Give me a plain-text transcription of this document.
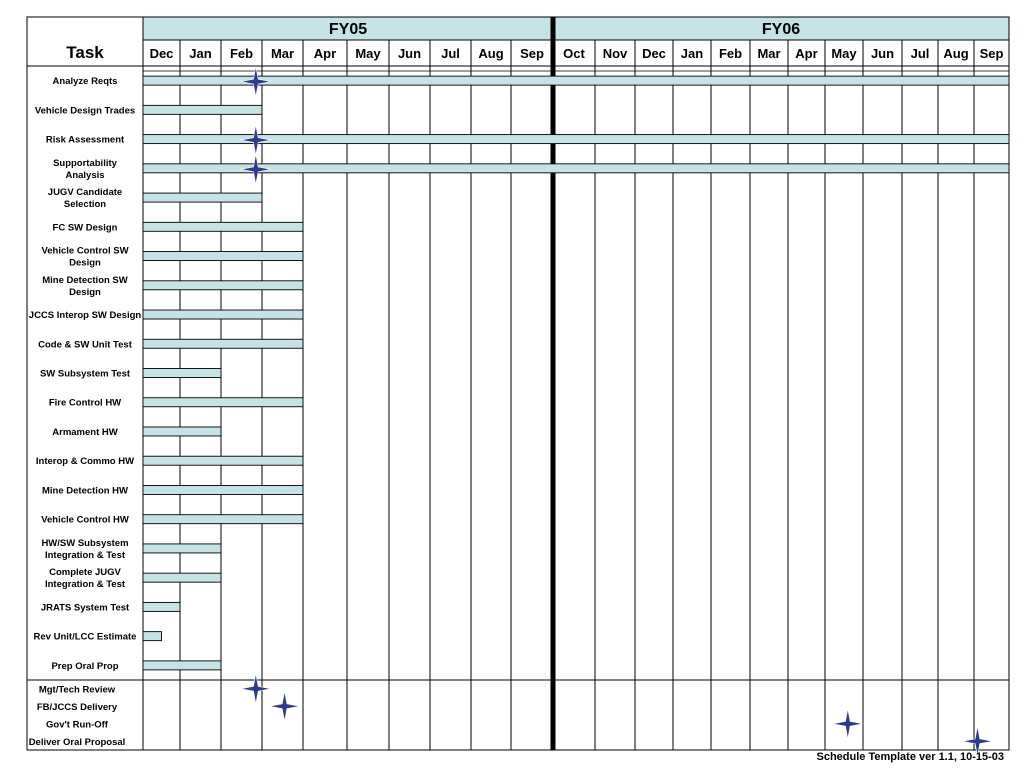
FY05	FY06
Task	Dec Jan Feb Mar Apr May Jun Jul Aug Sep Oct Nov Dec Jan Feb Mar Apr May Jun Jul Aug Sep
Analyze Reqts
Vehicle Design Trades
Risk Assessment
Supportability
Analysis
JUGV Candidate
Selection
FC SW Design
Vehicle Control SW
Design
Mine Detection SW
Design
JCCS Interop SW Design
Code & SW Unit Test
SW Subsystem Test
Fire Control HW
Armament HW
Interop & Commo HW
Mine Detection HW
Vehicle Control HW
HW/SW Subsystem
Integration & Test
Complete JUGV
Integration & Test
JRATS System Test
Rev Unit/LCC Estimate
Prep Oral Prop
Mgt/Tech Review
FB/JCCS Delivery
Gov't Run-Off
Deliver Oral Proposal
Schedule Template ver 1.1, 10-15-03
